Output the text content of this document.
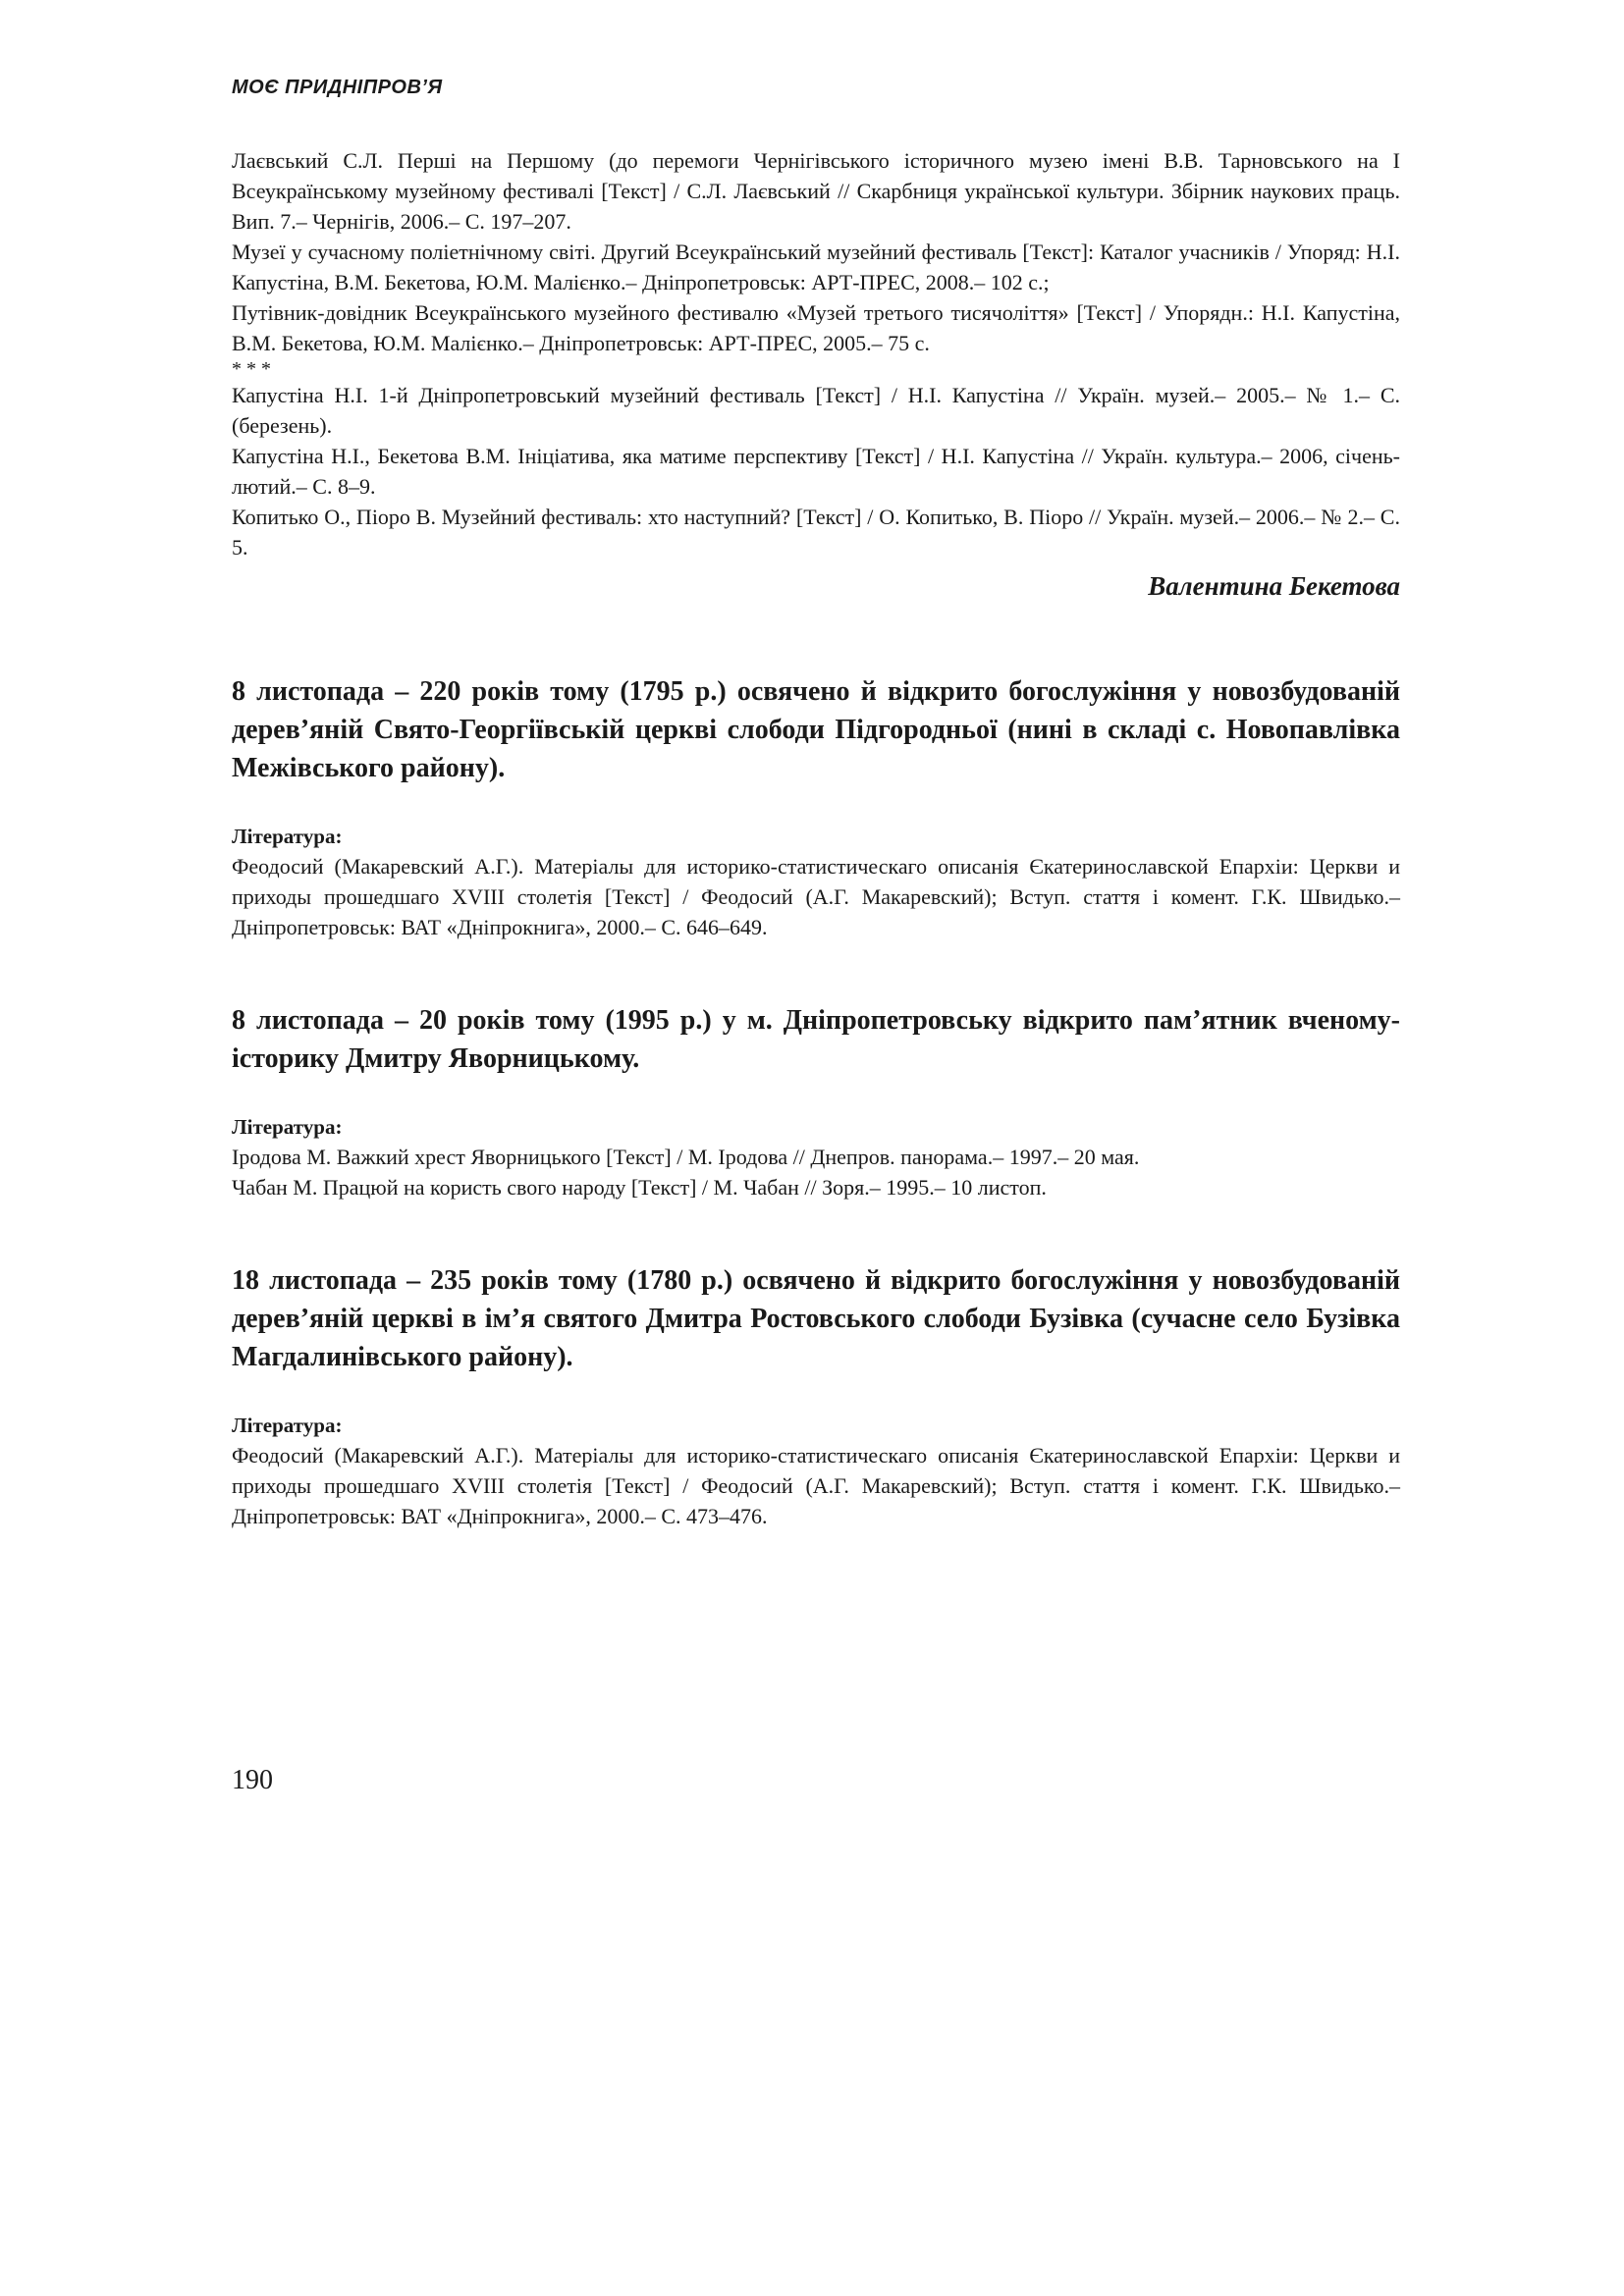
МОЄ ПРИДНІПРОВ’Я

Лаєвський С.Л. Перші на Першому (до перемоги Чернігівського історичного музею імені В.В. Тарновського на І Всеукраїнському музейному фестивалі [Текст] / С.Л. Лаєвський // Скарбниця української культури. Збірник наукових праць. Вип. 7.– Чернігів, 2006.– С. 197–207.

Музеї у сучасному поліетнічному світі. Другий Всеукраїнський музейний фестиваль [Текст]: Каталог учасників / Упоряд: Н.І. Капустіна, В.М. Бекетова, Ю.М. Малієнко.– Дніпропетровськ: АРТ-ПРЕС, 2008.– 102 с.;

Путівник-довідник Всеукраїнського музейного фестивалю «Музей третього тисячоліття» [Текст] / Упорядн.: Н.І. Капустіна, В.М. Бекетова, Ю.М. Малієнко.– Дніпропетровськ: АРТ-ПРЕС, 2005.– 75 с.

* * *

Капустіна Н.І. 1-й Дніпропетровський музейний фестиваль [Текст] / Н.І. Капустіна // Україн. музей.– 2005.– № 1.– С. (березень).

Капустіна Н.І., Бекетова В.М. Ініціатива, яка матиме перспективу [Текст] / Н.І. Капустіна // Україн. культура.– 2006, січень-лютий.– С. 8–9.

Копитько О., Піоро В. Музейний фестиваль: хто наступний? [Текст] / О. Копитько, В. Піоро // Україн. музей.– 2006.– № 2.– С. 5.

Валентина Бекетова

8 листопада – 220 років тому (1795 р.) освячено й відкрито богослужіння у новозбудованій дерев’яній Свято-Георгіївській церкві слободи Підгородньої (нині в складі с. Новопавлівка Межівського району).

Література:

Феодосий (Макаревский А.Г.). Матеріалы для историко-статистическаго описанія Єкатеринославской Епархіи: Церкви и приходы прошедшаго XVIII столетія [Текст] / Феодосий (А.Г. Макаревский); Вступ. стаття і комент. Г.К. Швидько.– Дніпропетровськ: ВАТ «Дніпрокнига», 2000.– С. 646–649.

8 листопада – 20 років тому (1995 р.) у м. Дніпропетровську відкрито пам’ятник вченому-історику Дмитру Яворницькому.

Література:

Іродова М. Важкий хрест Яворницького [Текст] / М. Іродова // Днепров. панорама.– 1997.– 20 мая.

Чабан М. Працюй на користь свого народу [Текст] / М. Чабан // Зоря.– 1995.– 10 листоп.

18 листопада – 235 років тому (1780 р.) освячено й відкрито богослужіння у новозбудованій дерев’яній церкві в ім’я святого Дмитра Ростовського слободи Бузівка (сучасне село Бузівка Магдалинівського району).

Література:

Феодосий (Макаревский А.Г.). Матеріалы для историко-статистическаго описанія Єкатеринославской Епархіи: Церкви и приходы прошедшаго XVIII столетія [Текст] / Феодосий (А.Г. Макаревский); Вступ. стаття і комент. Г.К. Швидько.– Дніпропетровськ: ВАТ «Дніпрокнига», 2000.– С. 473–476.

190
